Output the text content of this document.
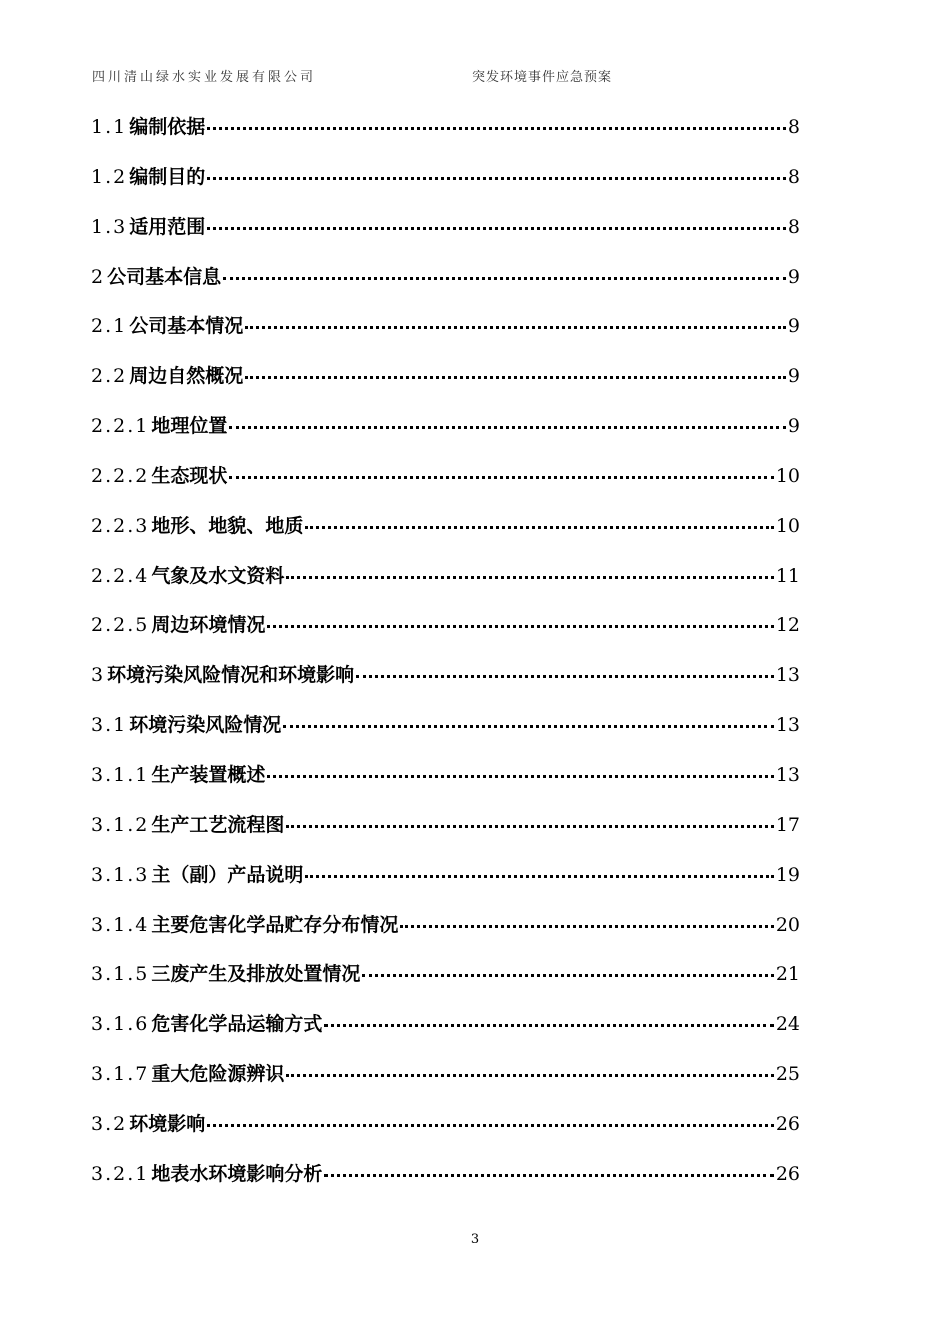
四川清山绿水实业发展有限公司	突发环境事件应急预案
1.1 编制依据	8
1.2 编制目的	8
1.3 适用范围	8
2 公司基本信息	9
2.1 公司基本情况	9
2.2 周边自然概况	9
2.2.1 地理位置	9
2.2.2 生态现状	10
2.2.3 地形、地貌、地质	10
2.2.4 气象及水文资料	11
2.2.5 周边环境情况	12
3 环境污染风险情况和环境影响	13
3.1 环境污染风险情况	13
3.1.1 生产装置概述	13
3.1.2 生产工艺流程图	17
3.1.3 主（副）产品说明	19
3.1.4 主要危害化学品贮存分布情况	20
3.1.5 三废产生及排放处置情况	21
3.1.6 危害化学品运输方式	24
3.1.7 重大危险源辨识	25
3.2 环境影响	26
3.2.1 地表水环境影响分析	26
3
